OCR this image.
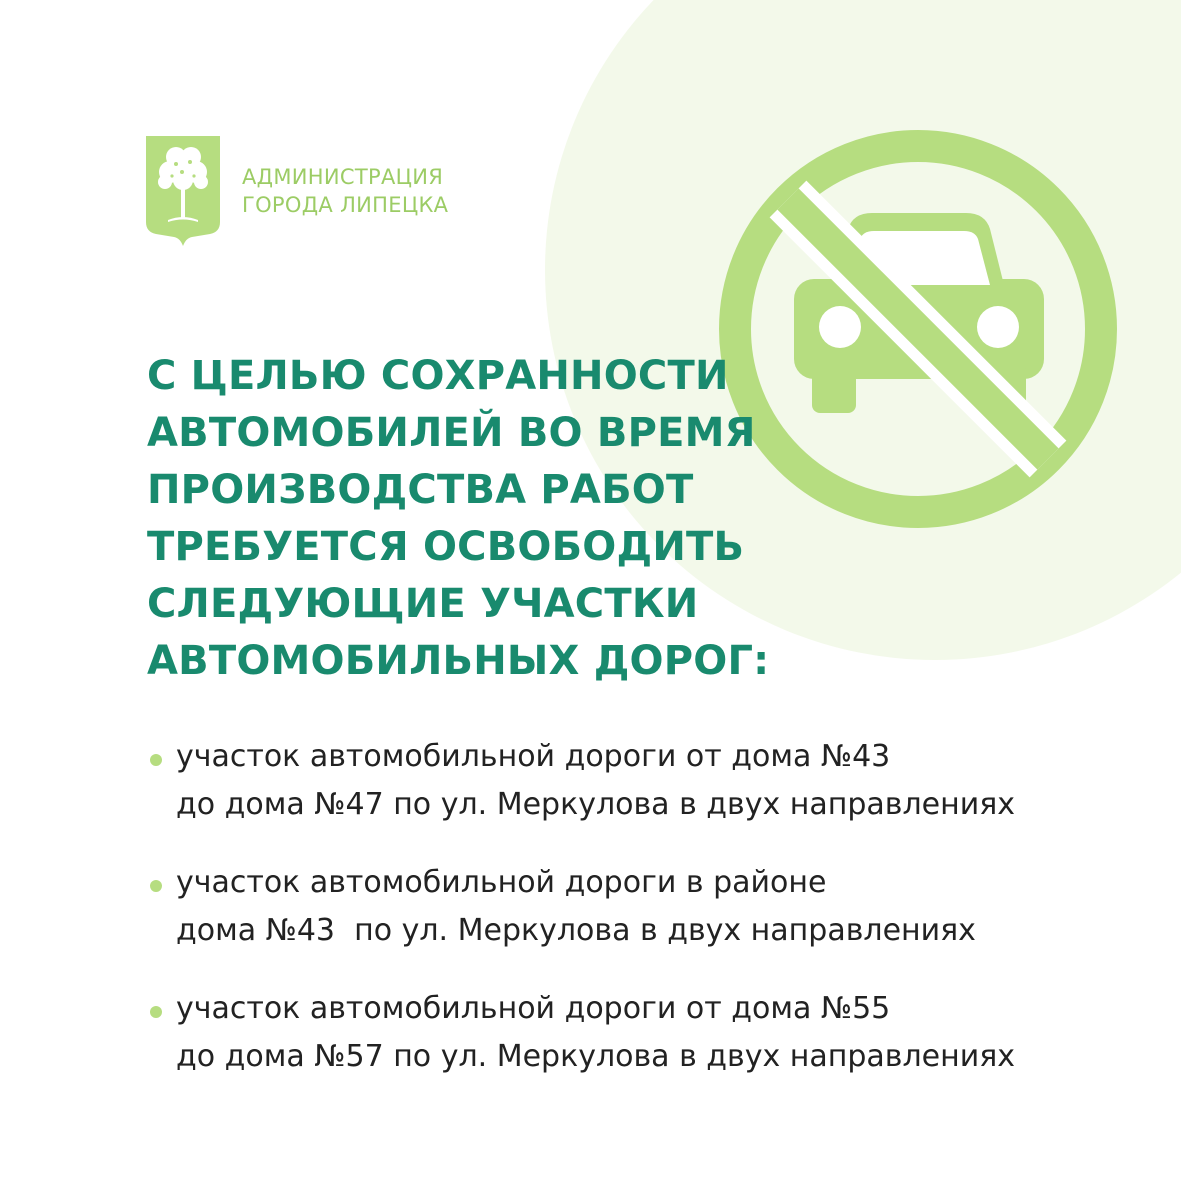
АДМИНИСТРАЦИЯ
ГОРОДА ЛИПЕЦКА
С ЦЕЛЬЮ СОХРАННОСТИ
АВТОМОБИЛЕЙ ВО ВРЕМЯ
ПРОИЗВОДСТВА РАБОТ
ТРЕБУЕТСЯ ОСВОБОДИТЬ
СЛЕДУЮЩИЕ УЧАСТКИ
АВТОМОБИЛЬНЫХ ДОРОГ:
участок автомобильной дороги от дома №43
до дома №47 по ул. Меркулова в двух направлениях
участок автомобильной дороги в районе
дома №43  по ул. Меркулова в двух направлениях
участок автомобильной дороги от дома №55
до дома №57 по ул. Меркулова в двух направлениях
